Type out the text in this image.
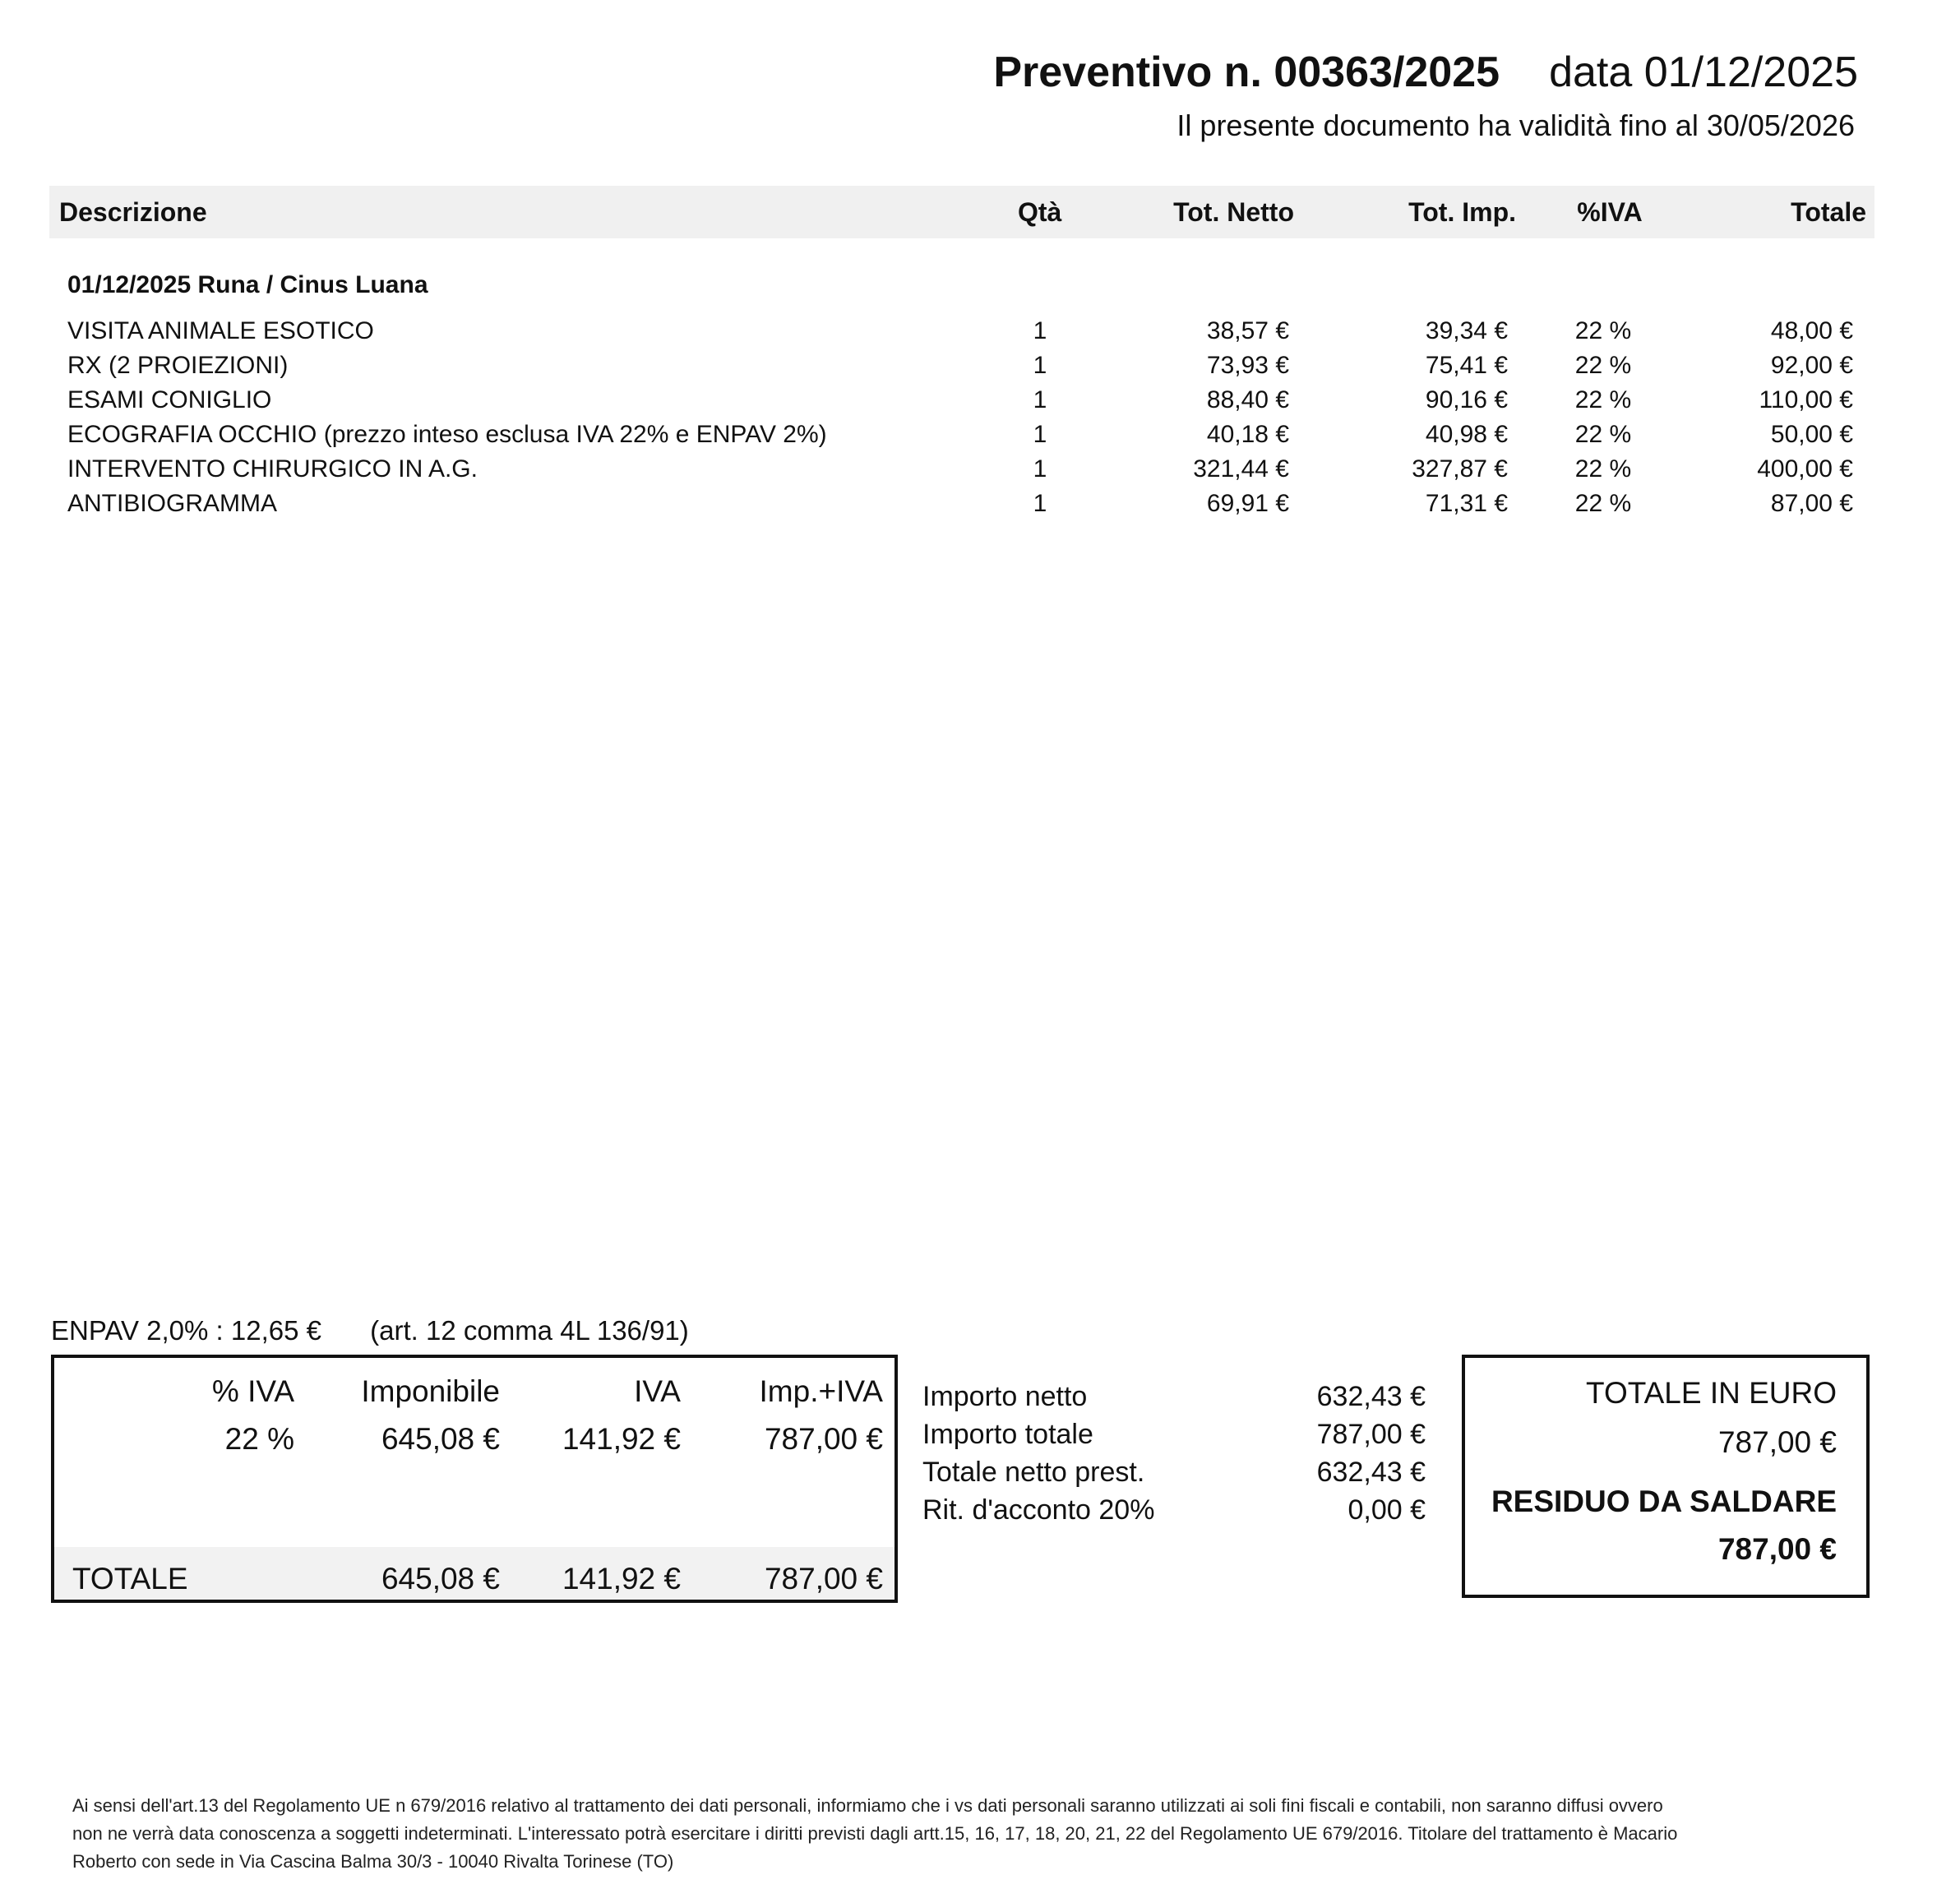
Preventivo n. 00363/2025 data 01/12/2025
Il presente documento ha validità fino al 30/05/2026
Descrizione	Qtà	Tot. Netto	Tot. Imp.	%IVA	Totale
01/12/2025 Runa / Cinus Luana
VISITA ANIMALE ESOTICO	1	38,57 €	39,34 €	22 %	48,00 €
RX (2 PROIEZIONI)	1	73,93 €	75,41 €	22 %	92,00 €
ESAMI CONIGLIO	1	88,40 €	90,16 €	22 %	110,00 €
ECOGRAFIA OCCHIO (prezzo inteso esclusa IVA 22% e ENPAV 2%)	1	40,18 €	40,98 €	22 %	50,00 €
INTERVENTO CHIRURGICO IN A.G.	1	321,44 €	327,87 €	22 %	400,00 €
ANTIBIOGRAMMA	1	69,91 €	71,31 €	22 %	87,00 €
ENPAV 2,0% : 12,65 € (art. 12 comma 4L 136/91)
% IVA Imponibile	IVA	Imp.+IVA
22 %	645,08 € 141,92 €	787,00 €
TOTALE	645,08 € 141,92 €	787,00 €
Importo netto	632,43 €
Importo totale	787,00 €
Totale netto prest.	632,43 €
Rit. d'acconto 20%	0,00 €
TOTALE IN EURO
787,00 €
RESIDUO DA SALDARE
787,00 €
Ai sensi dell'art.13 del Regolamento UE n 679/2016 relativo al trattamento dei dati personali, informiamo che i vs dati personali saranno utilizzati ai soli fini fiscali e contabili, non saranno diffusi ovvero non ne verrà data conoscenza a soggetti indeterminati. L'interessato potrà esercitare i diritti previsti dagli artt.15, 16, 17, 18, 20, 21, 22 del Regolamento UE 679/2016. Titolare del trattamento è Macario Roberto con sede in Via Cascina Balma 30/3 - 10040 Rivalta Torinese (TO)
